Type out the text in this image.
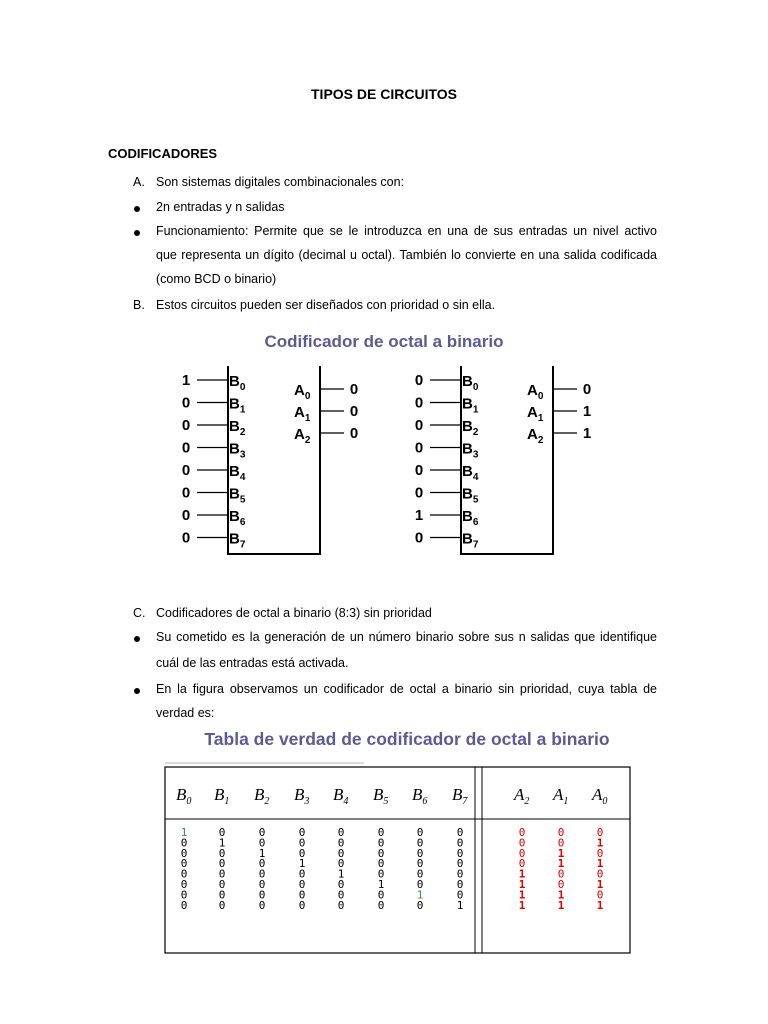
TIPOS DE CIRCUITOS
CODIFICADORES
A. Son sistemas digitales combinacionales con:
2n entradas y n salidas
Funcionamiento: Permite que se le introduzca en una de sus entradas un nivel activo
que representa un dígito (decimal u octal). También lo convierte en una salida codificada
(como BCD o binario)
B. Estos circuitos pueden ser diseñados con prioridad o sin ella.
Codificador de octal a binario
1	$B_0$
0	$B_1$
0	$B_2$
0	$B_3$
0	$B_4$
0	$B_5$
0	$B_6$
0	$B_7$
$A_0$	0
$A_1$	0
$A_2$	0
0	$B_0$
0	$B_1$
0	$B_2$
0	$B_3$
0	$B_4$
0	$B_5$
1	$B_6$
0	$B_7$
$A_0$	0
$A_1$	1
$A_2$	1
C. Codificadores de octal a binario (8:3) sin prioridad
Su cometido es la generación de un número binario sobre sus n salidas que identifique
cuál de las entradas está activada.
En la figura observamos un codificador de octal a binario sin prioridad, cuya tabla de
verdad es:
Tabla de verdad de codificador de octal a binario
$B_0$ $B_1$ $B_2$ $B_3$ $B_4$ $B_5$ $B_6$ $B_7$	$A_2$ $A_1$ $A_0$
1	0	0	0	0	0	0	0	0	0	0
0	1	0	0	0	0	0	0	0	0	1
0	0	1	0	0	0	0	0	0	1	0
0	0	0	1	0	0	0	0	0	1	1
0	0	0	0	1	0	0	0	1	0	0
0	0	0	0	0	1	0	0	1	0	1
0	0	0	0	0	0	1	0	1	1	0
0	0	0	0	0	0	0	1	1	1	1
